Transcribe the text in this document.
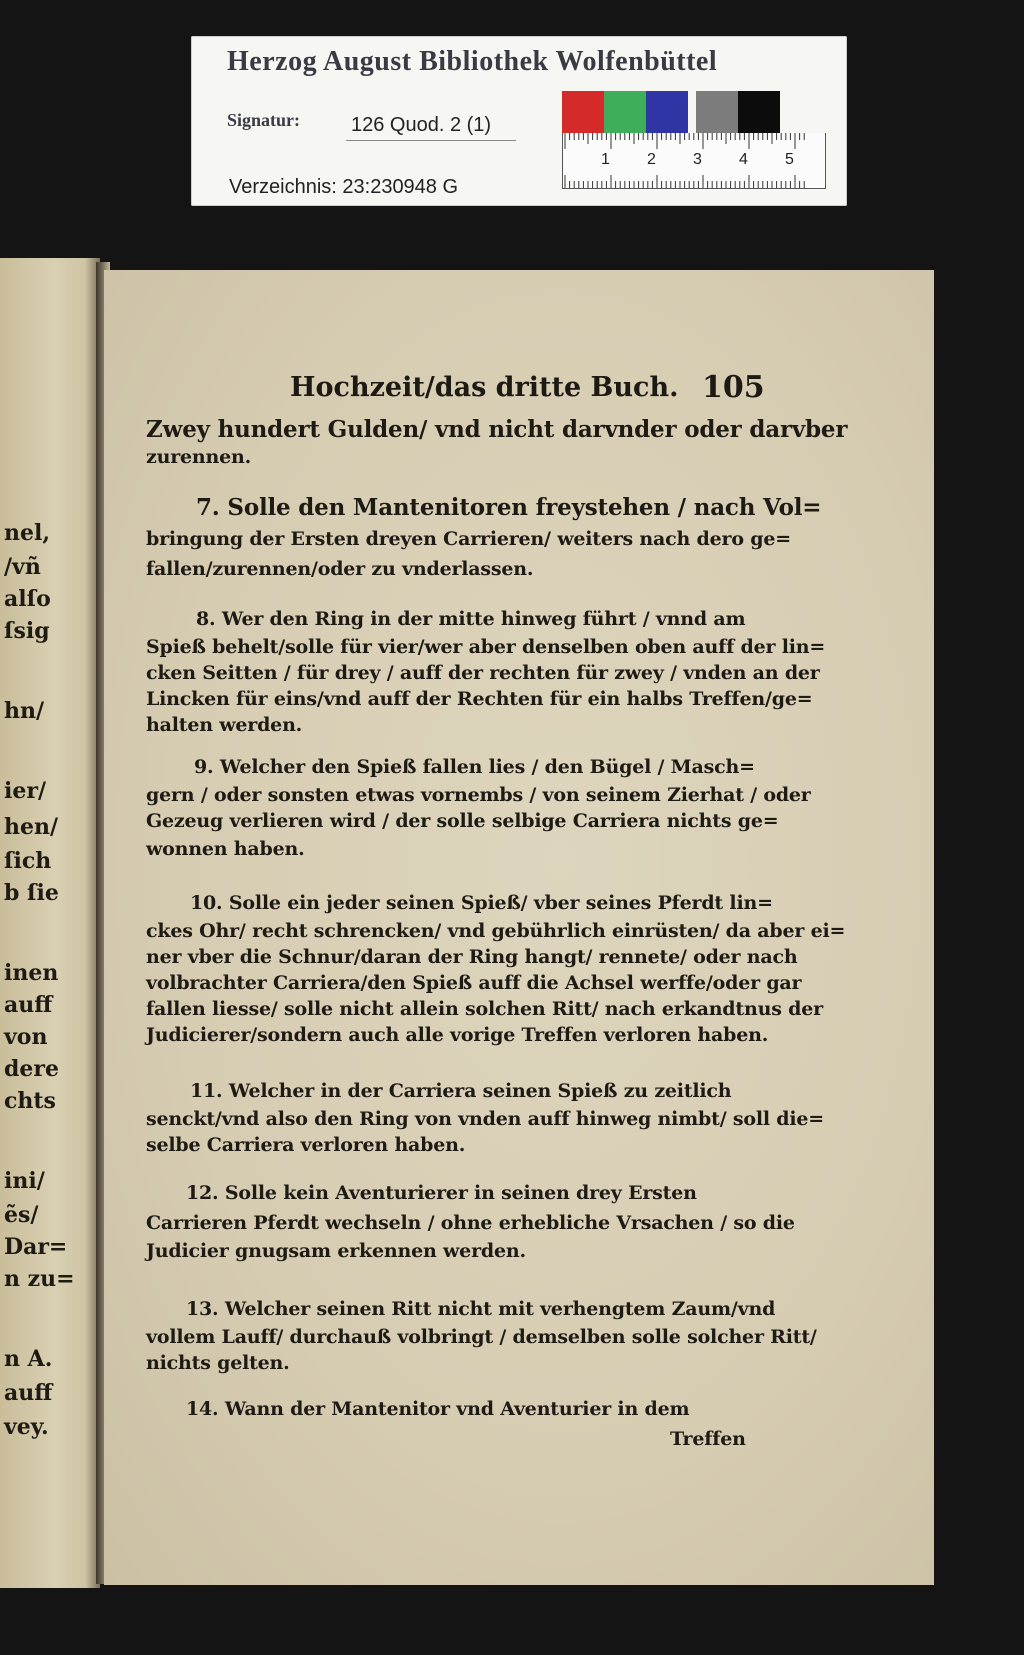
Herzog August Bibliothek Wolfenbüttel
Signatur:	126 Quod. 2 (1)
Verzeichnis: 23:230948 G
1 2 3 4 5
nel,
/vñ
alſo
ſsig
hn/
ier/
hen/
ſich
b ſie
inen
auff
von
dere
chts
ini/
ẽs/
Dar=
n zu=
n A.
auff
vey.
Hochzeit/das dritte Buch. 105
Zwey hundert Gulden/ vnd nicht darvnder oder darvber
zurennen.
7. Solle den Mantenitoren freystehen / nach Vol=
bringung der Ersten dreyen Carrieren/ weiters nach dero ge=
fallen/zurennen/oder zu vnderlassen.
8. Wer den Ring in der mitte hinweg führt / vnnd am
Spieß behelt/solle für vier/wer aber denselben oben auff der lin=
cken Seitten / für drey / auff der rechten für zwey / vnden an der
Lincken für eins/vnd auff der Rechten für ein halbs Treffen/ge=
halten werden.
9. Welcher den Spieß fallen lies / den Bügel / Masch=
gern / oder sonsten etwas vornembs / von seinem Zierhat / oder
Gezeug verlieren wird / der solle selbige Carriera nichts ge=
wonnen haben.
10. Solle ein jeder seinen Spieß/ vber seines Pferdt lin=
ckes Ohr/ recht schrencken/ vnd gebührlich einrüsten/ da aber ei=
ner vber die Schnur/daran der Ring hangt/ rennete/ oder nach
volbrachter Carriera/den Spieß auff die Achsel werffe/oder gar
fallen liesse/ solle nicht allein solchen Ritt/ nach erkandtnus der
Judicierer/sondern auch alle vorige Treffen verloren haben.
11. Welcher in der Carriera seinen Spieß zu zeitlich
senckt/vnd also den Ring von vnden auff hinweg nimbt/ soll die=
selbe Carriera verloren haben.
12. Solle kein Aventurierer in seinen drey Ersten
Carrieren Pferdt wechseln / ohne erhebliche Vrsachen / so die
Judicier gnugsam erkennen werden.
13. Welcher seinen Ritt nicht mit verhengtem Zaum/vnd
vollem Lauff/ durchauß volbringt / demselben solle solcher Ritt/
nichts gelten.
14. Wann der Mantenitor vnd Aventurier in dem
Treffen
